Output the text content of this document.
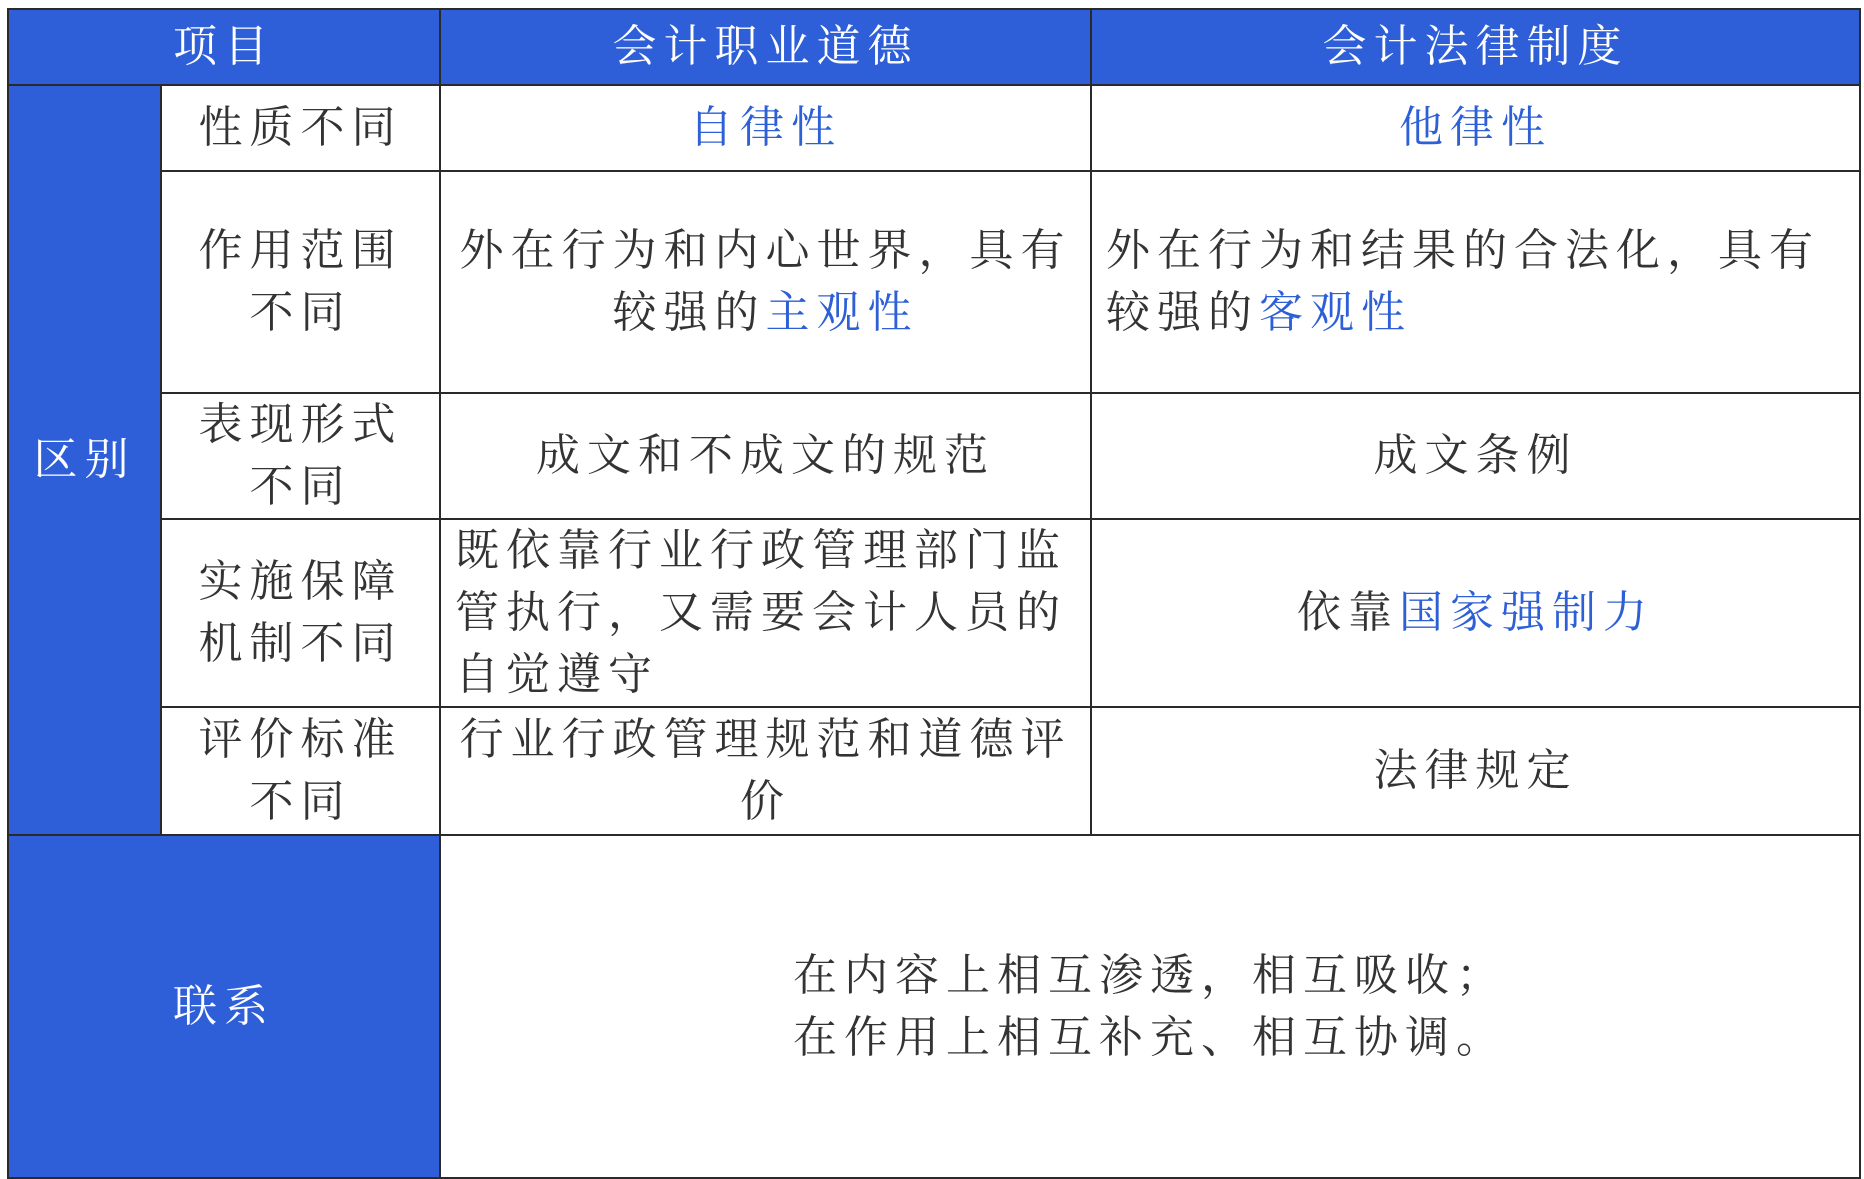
项目		会计职业道德	会计法律制度
区别	性质不同	自律性	他律性
	作用范围不同	外在行为和内心世界，具有较强的主观性	外在行为和结果的合法化，具有较强的客观性
	表现形式不同	成文和不成文的规范	成文条例
	实施保障机制不同	既依靠行业行政管理部门监管执行，又需要会计人员的自觉遵守	依靠国家强制力
	评价标准不同	行业行政管理规范和道德评价	法律规定
联系		在内容上相互渗透，相互吸收；
在作用上相互补充、相互协调。	
